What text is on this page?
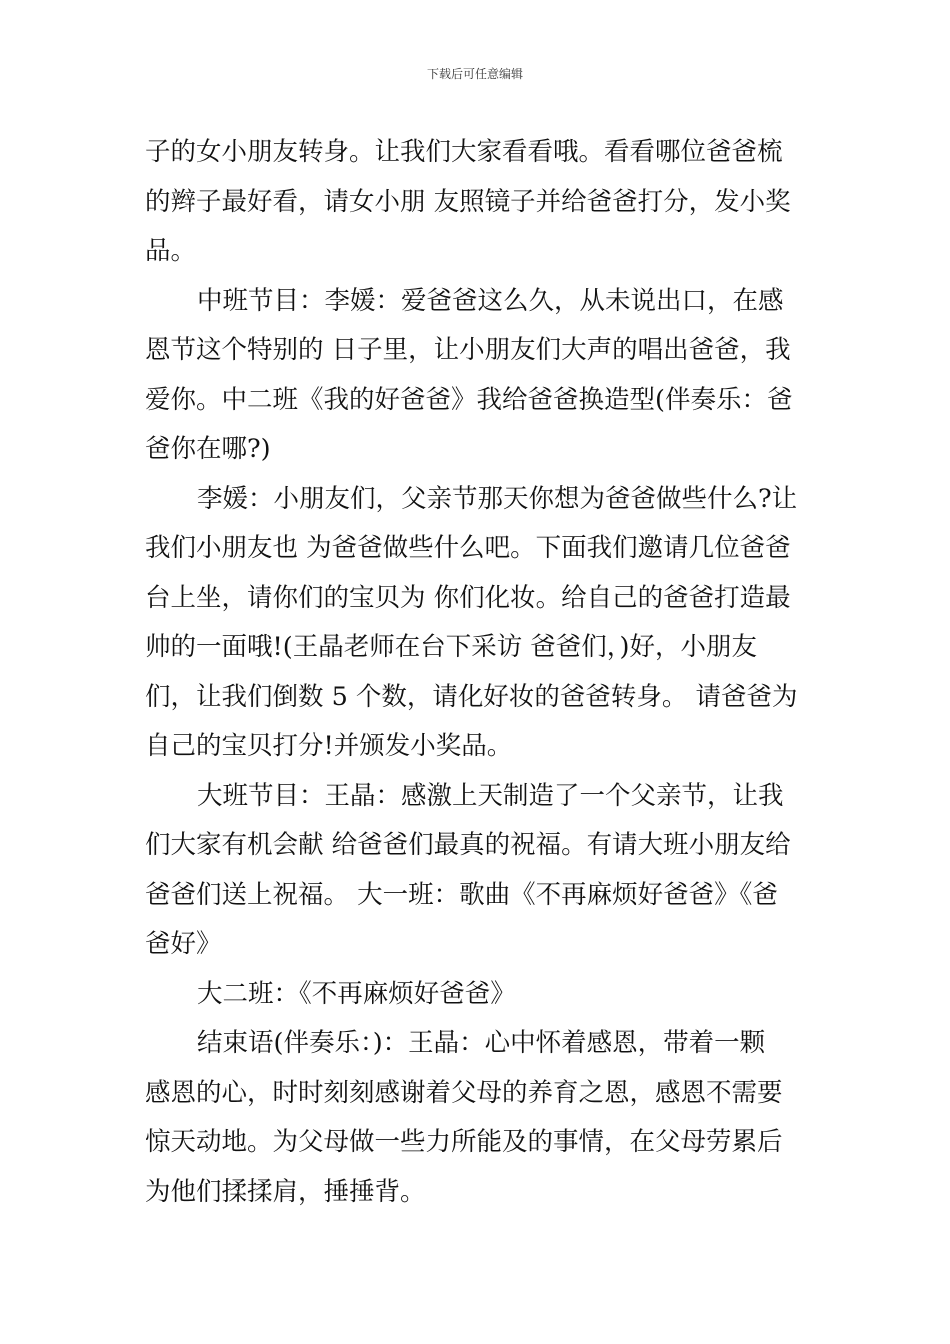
下载后可任意编辑
子的女小朋友转身。让我们大家看看哦。看看哪位爸爸梳
的辫子最好看，请女小朋 友照镜子并给爸爸打分，发小奖
品。
中班节目：李媛：爱爸爸这么久，从未说出口，在感
恩节这个特别的 日子里，让小朋友们大声的唱出爸爸，我
爱你。中二班《我的好爸爸》我给爸爸换造型(伴奏乐：爸
爸你在哪?)
李媛：小朋友们，父亲节那天你想为爸爸做些什么?让
我们小朋友也 为爸爸做些什么吧。下面我们邀请几位爸爸
台上坐，请你们的宝贝为 你们化妆。给自己的爸爸打造最
帅的一面哦!(王晶老师在台下采访 爸爸们，)好，小朋友
们，让我们倒数 5 个数，请化好妆的爸爸转身。 请爸爸为
自己的宝贝打分!并颁发小奖品。
大班节目：王晶：感激上天制造了一个父亲节，让我
们大家有机会献 给爸爸们最真的祝福。有请大班小朋友给
爸爸们送上祝福。 大一班：歌曲《不再麻烦好爸爸》《爸
爸好》
大二班：《不再麻烦好爸爸》
结束语(伴奏乐：)：王晶：心中怀着感恩，带着一颗
感恩的心，时时刻刻感谢着父母的养育之恩，感恩不需要
惊天动地。为父母做一些力所能及的事情，在父母劳累后
为他们揉揉肩，捶捶背。
